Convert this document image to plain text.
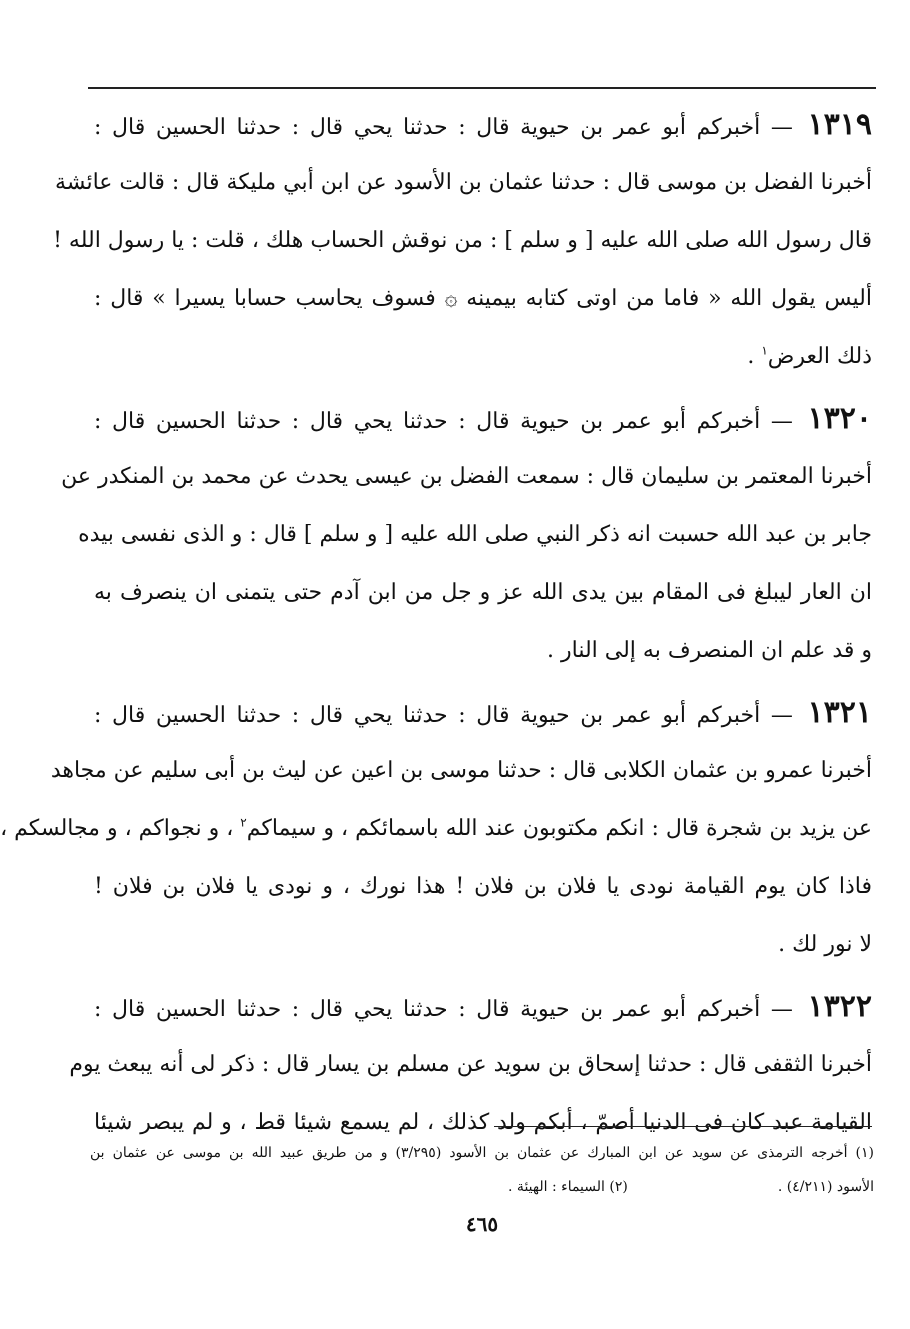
١٣١٩ — أخبركم أبو عمر بن حيوية قال : حدثنا يحي قال : حدثنا الحسين قال :
أخبرنا الفضل بن موسى قال : حدثنا عثمان بن الأسود عن ابن أبي مليكة قال : قالت عائشة
قال رسول الله صلى الله عليه [ و سلم ] : من نوقش الحساب هلك ، قلت : يا رسول الله !
أليس يقول الله « فاما من اوتى كتابه بيمينه ۞ فسوف يحاسب حسابا يسيرا » قال :
ذلك العرض$^١$ .
١٣٢٠ — أخبركم أبو عمر بن حيوية قال : حدثنا يحي قال : حدثنا الحسين قال :
أخبرنا المعتمر بن سليمان قال : سمعت الفضل بن عيسى يحدث عن محمد بن المنكدر عن
جابر بن عبد الله حسبت انه ذكر النبي صلى الله عليه [ و سلم ] قال : و الذى نفسى بيده
ان العار ليبلغ فى المقام بين يدى الله عز و جل من ابن آدم حتى يتمنى ان ينصرف به
و قد علم ان المنصرف به إلى النار .
١٣٢١ — أخبركم أبو عمر بن حيوية قال : حدثنا يحي قال : حدثنا الحسين قال :
أخبرنا عمرو بن عثمان الكلابى قال : حدثنا موسى بن اعين عن ليث بن أبى سليم عن مجاهد
عن يزيد بن شجرة قال : انكم مكتوبون عند الله باسمائكم ، و سيماكم$^٢$ ، و نجواكم ، و مجالسكم ،
فاذا كان يوم القيامة نودى يا فلان بن فلان ! هذا نورك ، و نودى يا فلان بن فلان !
لا نور لك .
١٣٢٢ — أخبركم أبو عمر بن حيوية قال : حدثنا يحي قال : حدثنا الحسين قال :
أخبرنا الثقفى قال : حدثنا إسحاق بن سويد عن مسلم بن يسار قال : ذكر لى أنه يبعث يوم
القيامة عبد كان فى الدنيا أصمّ ، أبكم ولد كذلك ، لم يسمع شيئا قط ، و لم يبصر شيئا
(١) أخرجه الترمذى عن سويد عن ابن المبارك عن عثمان بن الأسود (٣/٢٩٥) و من طريق عبيد الله بن موسى عن عثمان بن
الأسود (٤/٢١١) .
(٢) السيماء : الهيئة .
٤٦٥
